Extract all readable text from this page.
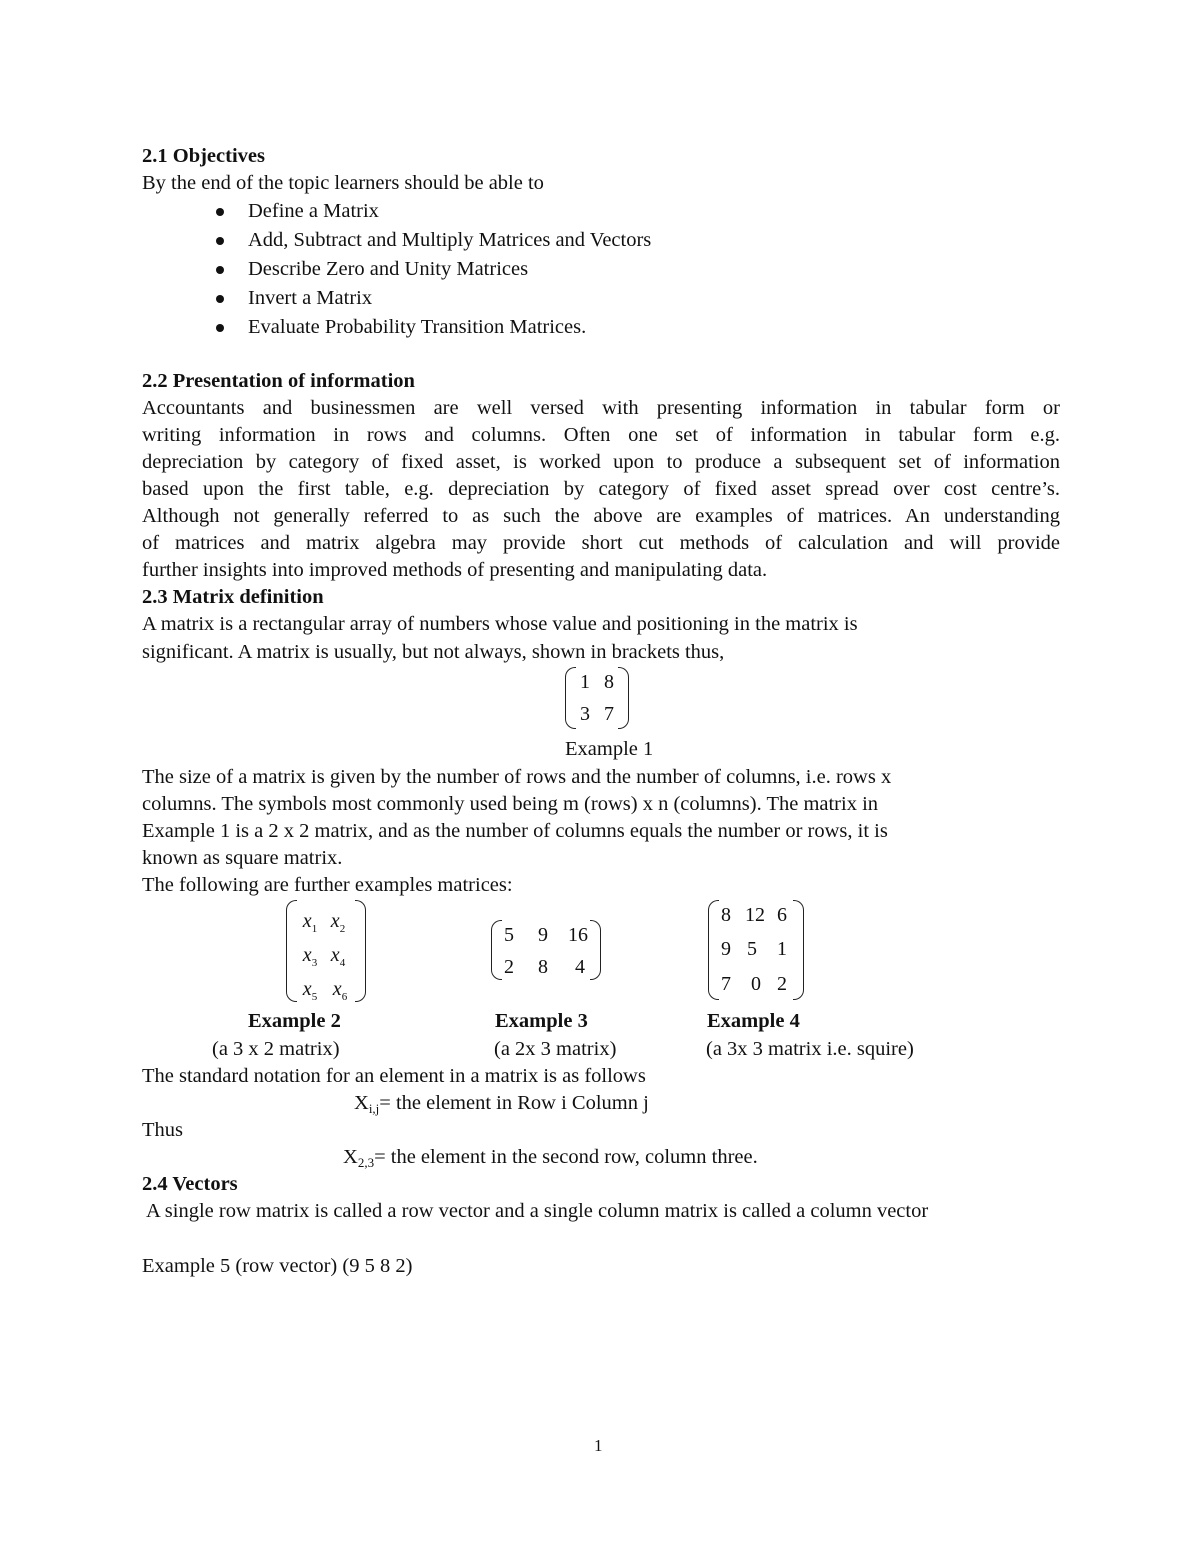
2.1 Objectives
By the end of the topic learners should be able to
Define a Matrix
Add, Subtract and Multiply Matrices and Vectors
Describe Zero and Unity Matrices
Invert a Matrix
Evaluate Probability Transition Matrices.
2.2 Presentation of information
Accountants and businessmen are well versed with presenting information in tabular form or
writing information in rows and columns. Often one set of information in tabular form e.g.
depreciation by category of fixed asset, is worked upon to produce a subsequent set of information
based upon the first table, e.g. depreciation by category of fixed asset spread over cost centre’s.
Although not generally referred to as such the above are examples of matrices. An understanding
of matrices and matrix algebra may provide short cut methods of calculation and will provide
further insights into improved methods of presenting and manipulating data.
2.3 Matrix definition
A matrix is a rectangular array of numbers whose value and positioning in the matrix is
significant. A matrix is usually, but not always, shown in brackets thus,
1 8
3 7
Example 1
The size of a matrix is given by the number of rows and the number of columns, i.e. rows x
columns. The symbols most commonly used being m (rows) x n (columns). The matrix in
Example 1 is a 2 x 2 matrix, and as the number of columns equals the number or rows, it is
known as square matrix.
The following are further examples matrices:
$x_1$ $x_2$
$x_3$ $x_4$
$x_5$ $x_6$
5 9 16
2 8	4
8 12 6
9 5 1
7 0 2
Example 2
(a 3 x 2 matrix)
Example 3
(a 2x 3 matrix)
Example 4
(a 3x 3 matrix i.e. squire)
The standard notation for an element in a matrix is as follows
$X_{i,j}=$ the element in Row i Column j
Thus
$X_{2,3}=$ the element in the second row, column three.
2.4 Vectors
A single row matrix is called a row vector and a single column matrix is called a column vector
Example 5 (row vector) (9 5 8 2)
1
